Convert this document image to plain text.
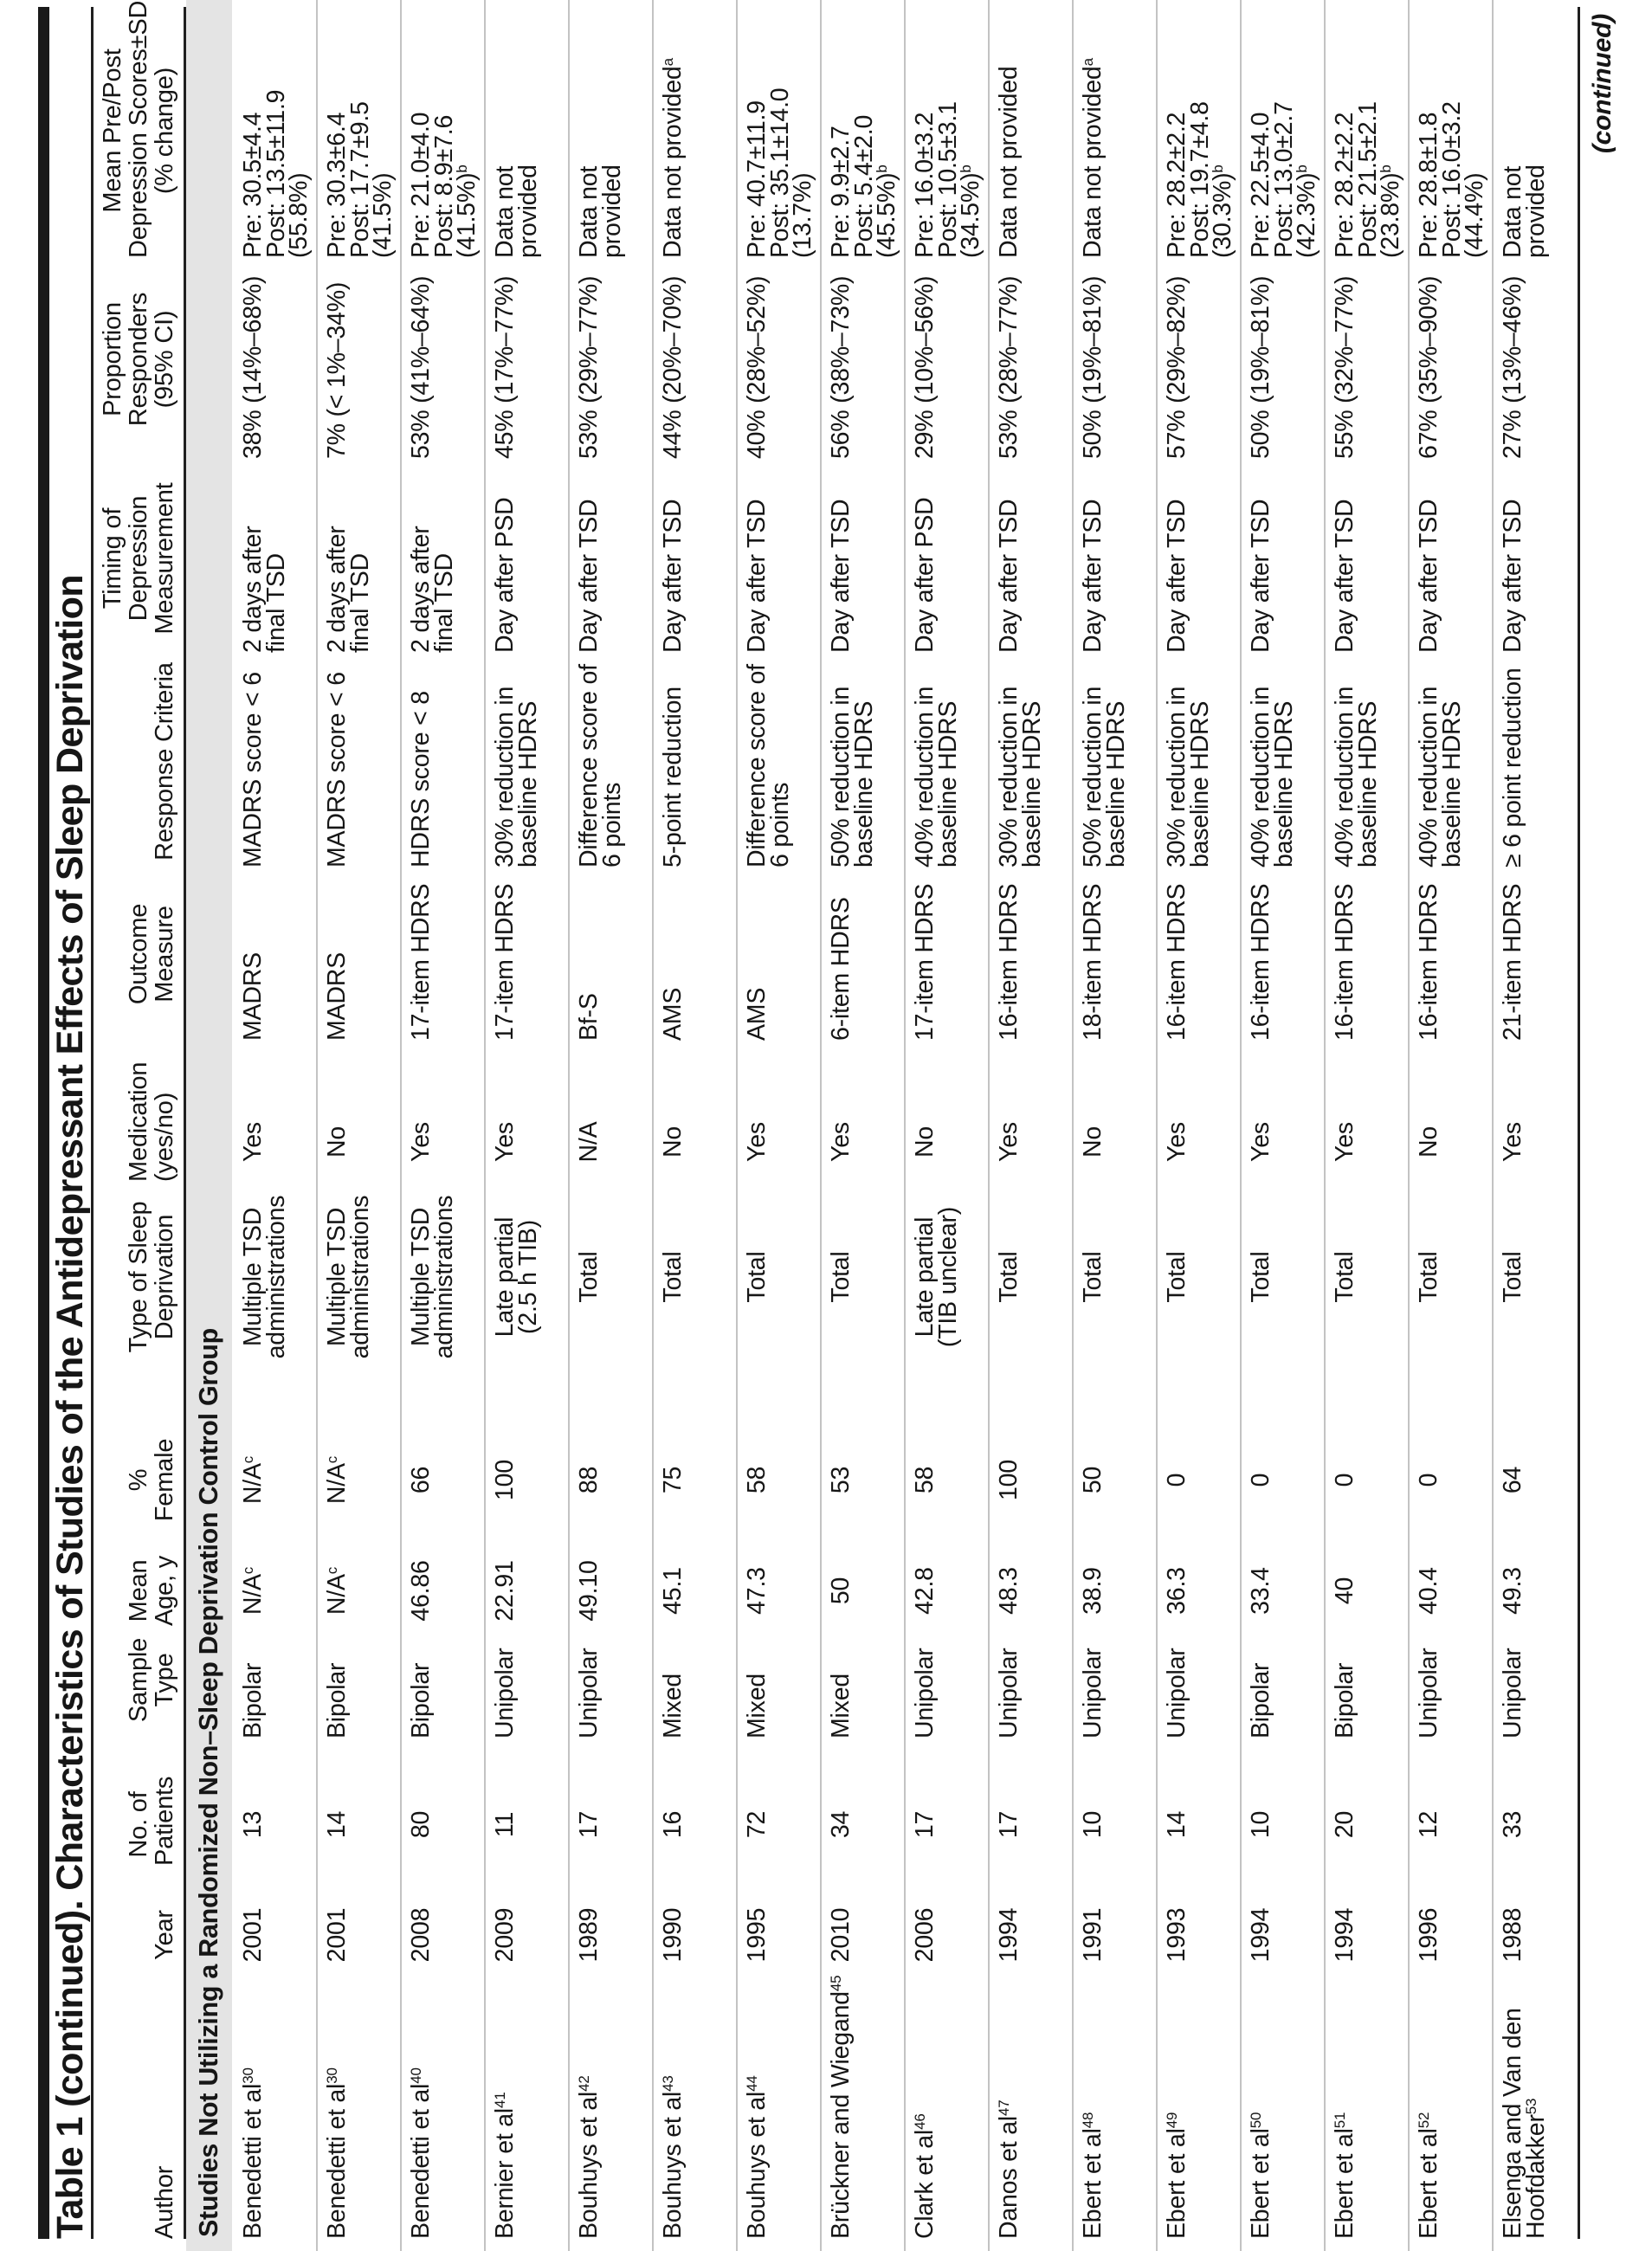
Table 1 (continued). Characteristics of Studies of the Antidepressant Effects of Sleep Deprivation Author
Year
No. of
Patients
Sample
Type
Mean
Age, y
%
Female
Type of Sleep
Deprivation
Medication
(yes/no)
Outcome
Measure
Response Criteria
Timing of
Depression
Measurement
Proportion
Responders
(95% CI)
Mean Pre/Post
Depression Scores±SD
(% change)
Studies Not Utilizing a Randomized Non–Sleep Deprivation Control Group Benedetti et $al^{30}$
2001
13
Bipolar
$N/A^c$
$N/A^c$
Multiple TSD
administrations
Yes
MADRS
MADRS score < 6
2 days after
final TSD
38% (14%–68%)
Pre: 30.5±4.4
Post: 13.5±11.9
(55.8%)
Benedetti et $al^{30}$
2001
14
Bipolar
$N/A^c$
$N/A^c$
Multiple TSD
administrations
No
MADRS
MADRS score < 6
2 days after
final TSD
7% (< 1%–34%)
Pre: 30.3±6.4
Post: 17.7±9.5
(41.5%)
Benedetti et $al^{40}$
2008
80
Bipolar
46.86
66
Multiple TSD
administrations
Yes
17-item HDRS
HDRS score < 8
2 days after
final TSD
53% (41%–64%)
Pre: 21.0±4.0
Post: 8.9±7.6
$(41.5\%)^b$
Bernier et $al^{41}$
2009
11
Unipolar
22.91
100
Late partial
(2.5 h TIB)
Yes
17-item HDRS
30% reduction in
baseline HDRS
Day after PSD
45% (17%–77%)
Data not
provided
Bouhuys et $al^{42}$
1989
17
Unipolar
49.10
88
Total
N/A
Bf-S
Difference score of
6 points
Day after TSD
53% (29%–77%)
Data not
provided
Bouhuys et $al^{43}$
1990
16
Mixed
45.1
75
Total
No
AMS
5-point reduction
Day after TSD
44% (20%–70%)
Data not provided$^a$
Bouhuys et $al^{44}$
1995
72
Mixed
47.3
58
Total
Yes
AMS
Difference score of
6 points
Day after TSD
40% (28%–52%)
Pre: 40.7±11.9
Post: 35.1±14.0
(13.7%)
Brückner and Wiegand$^{45}$
2010
34
Mixed
50
53
Total
Yes
6-item HDRS
50% reduction in
baseline HDRS
Day after TSD
56% (38%–73%)
Pre: 9.9±2.7
Post: 5.4±2.0
$(45.5\%)^b$
Clark et $al^{46}$
2006
17
Unipolar
42.8
58
Late partial
(TIB unclear)
No
17-item HDRS
40% reduction in
baseline HDRS
Day after PSD
29% (10%–56%)
Pre: 16.0±3.2
Post: 10.5±3.1
$(34.5\%)^b$
Danos et $al^{47}$
1994
17
Unipolar
48.3
100
Total
Yes
16-item HDRS
30% reduction in
baseline HDRS
Day after TSD
53% (28%–77%)
Data not provided
Ebert et $al^{48}$
1991
10
Unipolar
38.9
50
Total
No
18-item HDRS
50% reduction in
baseline HDRS
Day after TSD
50% (19%–81%)
Data not provided$^a$
Ebert et $al^{49}$
1993
14
Unipolar
36.3
0
Total
Yes
16-item HDRS
30% reduction in
baseline HDRS
Day after TSD
57% (29%–82%)
Pre: 28.2±2.2
Post: 19.7±4.8
$(30.3\%)^b$
Ebert et $al^{50}$
1994
10
Bipolar
33.4
0
Total
Yes
16-item HDRS
40% reduction in
baseline HDRS
Day after TSD
50% (19%–81%)
Pre: 22.5±4.0
Post: 13.0±2.7
$(42.3\%)^b$
Ebert et $al^{51}$
1994
20
Bipolar
40
0
Total
Yes
16-item HDRS
40% reduction in
baseline HDRS
Day after TSD
55% (32%–77%)
Pre: 28.2±2.2
Post: 21.5±2.1
$(23.8\%)^b$
Ebert et $al^{52}$
1996
12
Unipolar
40.4
0
Total
No
16-item HDRS
40% reduction in
baseline HDRS
Day after TSD
67% (35%–90%)
Pre: 28.8±1.8
Post: 16.0±3.2
(44.4%)
Elsenga and Van den
Hoofdakker$^{53}$
1988
33
Unipolar
49.3
64
Total
Yes
21-item HDRS
≥ 6 point reduction
Day after TSD
27% (13%–46%)
Data not
provided
(continued)
